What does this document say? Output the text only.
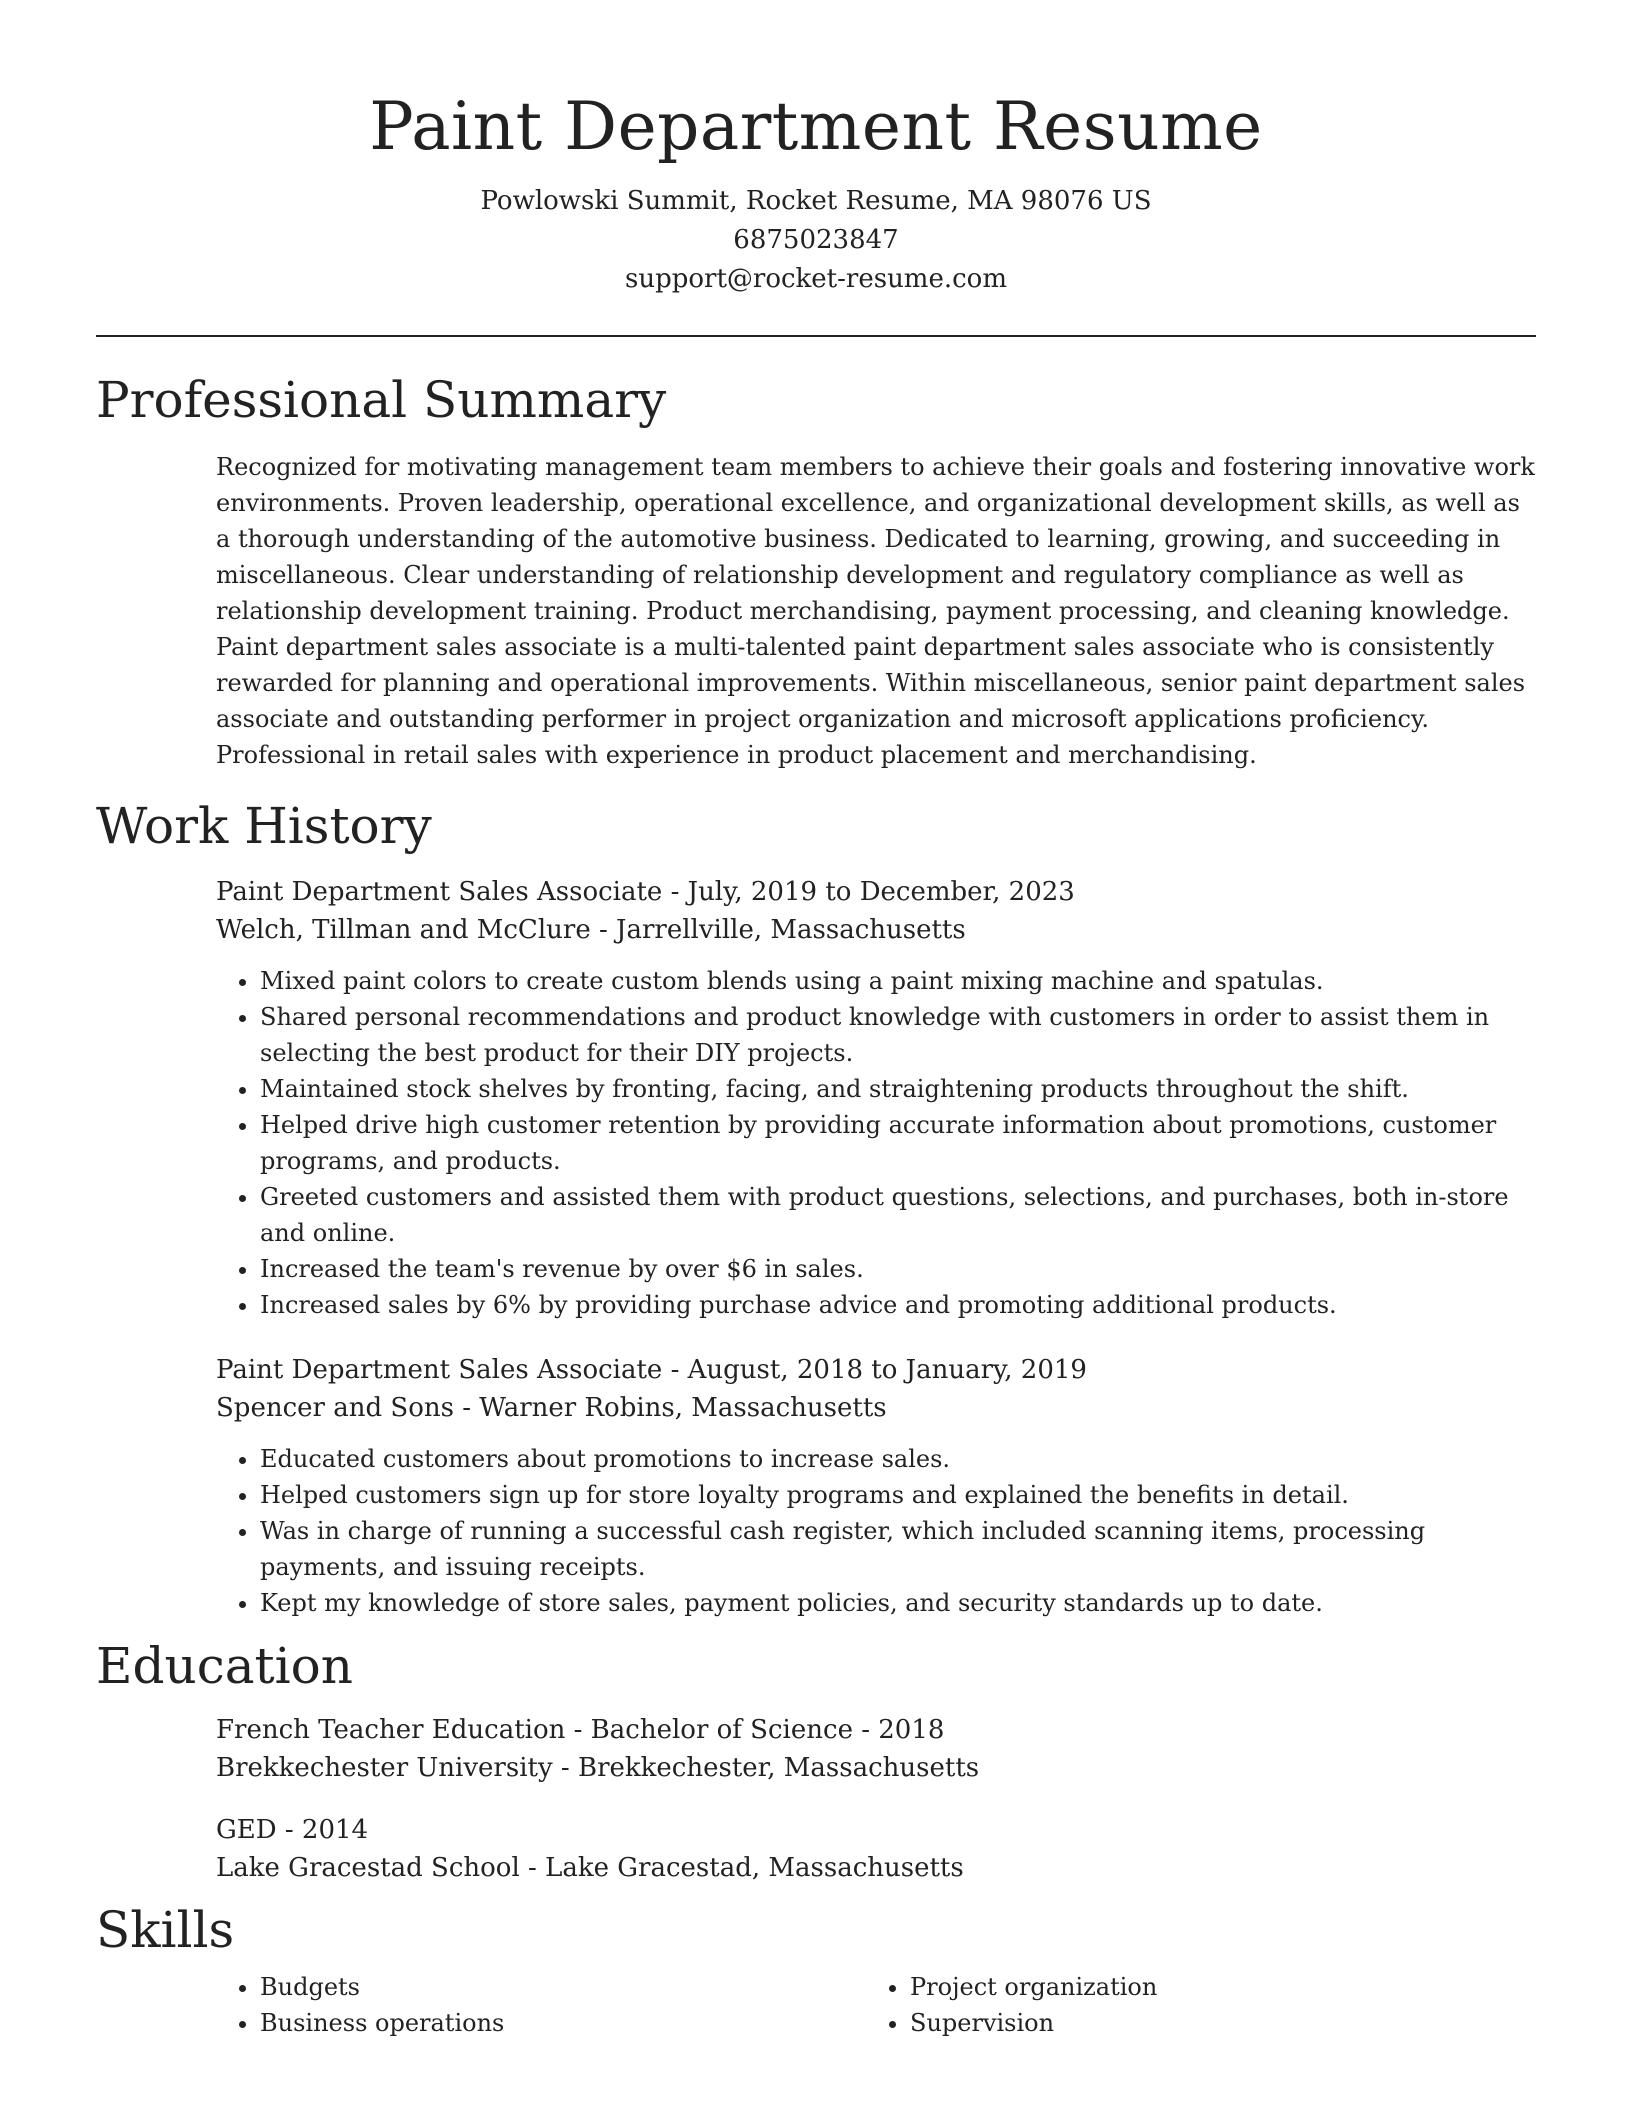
Paint Department Resume

Powlowski Summit, Rocket Resume, MA 98076 US

6875023847

support@rocket-resume.com

Professional Summary

Recognized for motivating management team members to achieve their goals and fostering innovative work environments. Proven leadership, operational excellence, and organizational development skills, as well as a thorough understanding of the automotive business. Dedicated to learning, growing, and succeeding in miscellaneous. Clear understanding of relationship development and regulatory compliance as well as relationship development training. Product merchandising, payment processing, and cleaning knowledge. Paint department sales associate is a multi-talented paint department sales associate who is consistently rewarded for planning and operational improvements. Within miscellaneous, senior paint department sales associate and outstanding performer in project organization and microsoft applications proficiency. Professional in retail sales with experience in product placement and merchandising.

Work History

Paint Department Sales Associate - July, 2019 to December, 2023

Welch, Tillman and McClure - Jarrellville, Massachusetts

• Mixed paint colors to create custom blends using a paint mixing machine and spatulas.
• Shared personal recommendations and product knowledge with customers in order to assist them in selecting the best product for their DIY projects.
• Maintained stock shelves by fronting, facing, and straightening products throughout the shift.
• Helped drive high customer retention by providing accurate information about promotions, customer programs, and products.
• Greeted customers and assisted them with product questions, selections, and purchases, both in-store and online.
• Increased the team's revenue by over $6 in sales.
• Increased sales by 6% by providing purchase advice and promoting additional products.

Paint Department Sales Associate - August, 2018 to January, 2019

Spencer and Sons - Warner Robins, Massachusetts

• Educated customers about promotions to increase sales.
• Helped customers sign up for store loyalty programs and explained the benefits in detail.
• Was in charge of running a successful cash register, which included scanning items, processing payments, and issuing receipts.
• Kept my knowledge of store sales, payment policies, and security standards up to date.
Education

French Teacher Education - Bachelor of Science - 2018

Brekkechester University - Brekkechester, Massachusetts

GED - 2014

Lake Gracestad School - Lake Gracestad, Massachusetts

Skills
• Budgets
• Business operations
• Project organization
• Supervision
